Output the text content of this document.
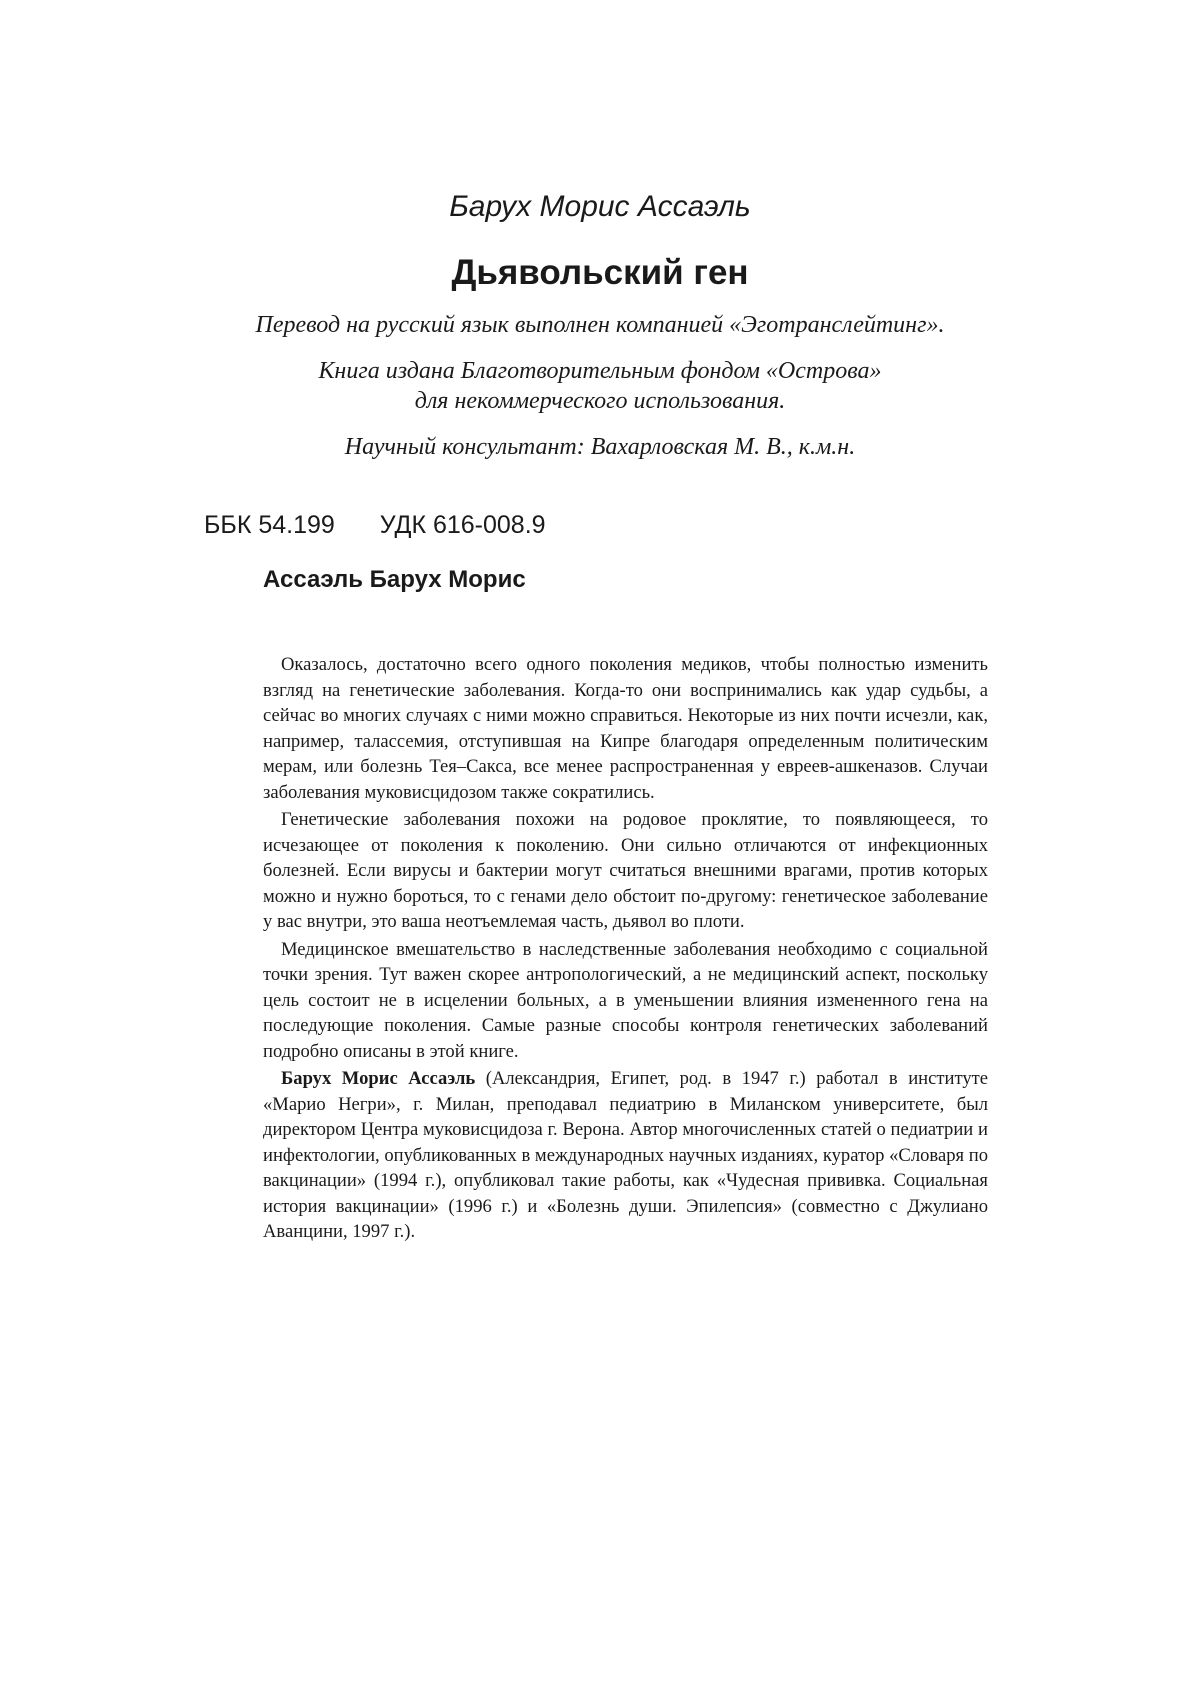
Барух Морис Ассаэль
Дьявольский ген
Перевод на русский язык выполнен компанией «Эготранслейтинг».
Книга издана Благотворительным фондом «Острова»
для некоммерческого использования.
Научный консультант: Вахарловская М. В., к.м.н.
ББК 54.199 УДК 616-008.9
Ассаэль Барух Морис

Оказалось, достаточно всего одного поколения медиков, чтобы полностью изменить взгляд на генетические заболевания. Когда-то они воспринимались как удар судьбы, а сейчас во многих случаях с ними можно справиться. Некоторые из них почти исчезли, как, например, талассемия, отступившая на Кипре благодаря определенным политическим мерам, или болезнь Тея–Сакса, все менее распространенная у евреев-ашкеназов. Случаи заболевания муковисцидозом также сократились.

Генетические заболевания похожи на родовое проклятие, то появляющееся, то исчезающее от поколения к поколению. Они сильно отличаются от инфекционных болезней. Если вирусы и бактерии могут считаться внешними врагами, против которых можно и нужно бороться, то с генами дело обстоит по-другому: генетическое заболевание у вас внутри, это ваша неотъемлемая часть, дьявол во плоти.

Медицинское вмешательство в наследственные заболевания необходимо с социальной точки зрения. Тут важен скорее антропологический, а не медицинский аспект, поскольку цель состоит не в исцелении больных, а в уменьшении влияния измененного гена на последующие поколения. Самые разные способы контроля генетических заболеваний подробно описаны в этой книге.

Барух Морис Ассаэль (Александрия, Египет, род. в 1947 г.) работал в институте «Марио Негри», г. Милан, преподавал педиатрию в Миланском университете, был директором Центра муковисцидоза г. Верона. Автор многочисленных статей о педиатрии и инфектологии, опубликованных в международных научных изданиях, куратор «Словаря по вакцинации» (1994 г.), опубликовал такие работы, как «Чудесная прививка. Социальная история вакцинации» (1996 г.) и «Болезнь души. Эпилепсия» (совместно с Джулиано Аванцини, 1997 г.).
